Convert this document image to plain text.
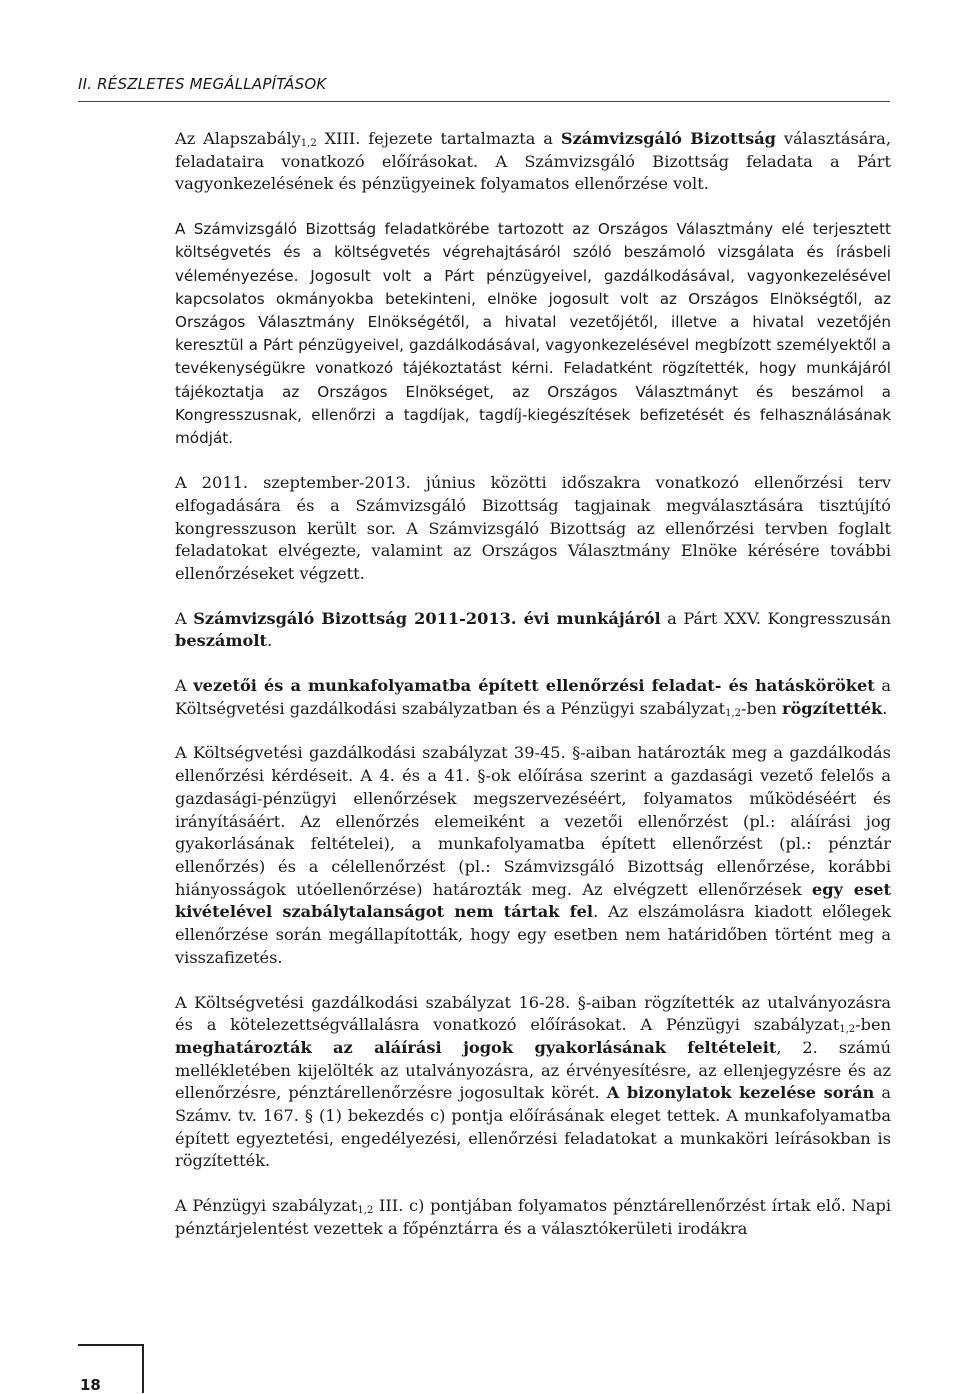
II. RÉSZLETES MEGÁLLAPÍTÁSOK

Az Alapszabály$_{1,2}$ XIII. fejezete tartalmazta a Számvizsgáló Bizottság választására, feladataira vonatkozó előírásokat. A Számvizsgáló Bizottság feladata a Párt vagyonkezelésének és pénzügyeinek folyamatos ellenőrzése volt.

A Számvizsgáló Bizottság feladatkörébe tartozott az Országos Választmány elé terjesztett költségvetés és a költségvetés végrehajtásáról szóló beszámoló vizsgálata és írásbeli véleményezése. Jogosult volt a Párt pénzügyeivel, gazdálkodásával, vagyonkezelésével kapcsolatos okmányokba betekinteni, elnöke jogosult volt az Országos Elnökségtől, az Országos Választmány Elnökségétől, a hivatal vezetőjétől, illetve a hivatal vezetőjén keresztül a Párt pénzügyeivel, gazdálkodásával, vagyonkezelésével megbízott személyektől a tevékenységükre vonatkozó tájékoztatást kérni. Feladatként rögzítették, hogy munkájáról tájékoztatja az Országos Elnökséget, az Országos Választmányt és beszámol a Kongresszusnak, ellenőrzi a tagdíjak, tagdíj-kiegészítések befizetését és felhasználásának módját.

A 2011. szeptember-2013. június közötti időszakra vonatkozó ellenőrzési terv elfogadására és a Számvizsgáló Bizottság tagjainak megválasztására tisztújító kongresszuson került sor. A Számvizsgáló Bizottság az ellenőrzési tervben foglalt feladatokat elvégezte, valamint az Országos Választmány Elnöke kérésére további ellenőrzéseket végzett.

A Számvizsgáló Bizottság 2011-2013. évi munkájáról a Párt XXV. Kongresszusán beszámolt.

A vezetői és a munkafolyamatba épített ellenőrzési feladat- és hatásköröket a Költségvetési gazdálkodási szabályzatban és a Pénzügyi szabályzat$_{1,2}$-ben rögzítették.

A Költségvetési gazdálkodási szabályzat 39-45. §-aiban határozták meg a gazdálkodás ellenőrzési kérdéseit. A 4. és a 41. §-ok előírása szerint a gazdasági vezető felelős a gazdasági-pénzügyi ellenőrzések megszervezéséért, folyamatos működéséért és irányításáért. Az ellenőrzés elemeiként a vezetői ellenőrzést (pl.: aláírási jog gyakorlásának feltételei), a munkafolyamatba épített ellenőrzést (pl.: pénztár ellenőrzés) és a célellenőrzést (pl.: Számvizsgáló Bizottság ellenőrzése, korábbi hiányosságok utóellenőrzése) határozták meg. Az elvégzett ellenőrzések egy eset kivételével szabálytalanságot nem tártak fel. Az elszámolásra kiadott előlegek ellenőrzése során megállapították, hogy egy esetben nem határidőben történt meg a visszafizetés.

A Költségvetési gazdálkodási szabályzat 16-28. §-aiban rögzítették az utalványozásra és a kötelezettségvállalásra vonatkozó előírásokat. A Pénzügyi szabályzat$_{1,2}$-ben meghatározták az aláírási jogok gyakorlásának feltételeit, 2. számú mellékletében kijelölték az utalványozásra, az érvényesítésre, az ellenjegyzésre és az ellenőrzésre, pénztárellenőrzésre jogosultak körét. A bizonylatok kezelése során a Számv. tv. 167. § (1) bekezdés c) pontja előírásának eleget tettek. A munkafolyamatba épített egyeztetési, engedélyezési, ellenőrzési feladatokat a munkaköri leírásokban is rögzítették.

A Pénzügyi szabályzat$_{1,2}$ III. c) pontjában folyamatos pénztárellenőrzést írtak elő. Napi pénztárjelentést vezettek a főpénztárra és a választókerületi irodákra

18
